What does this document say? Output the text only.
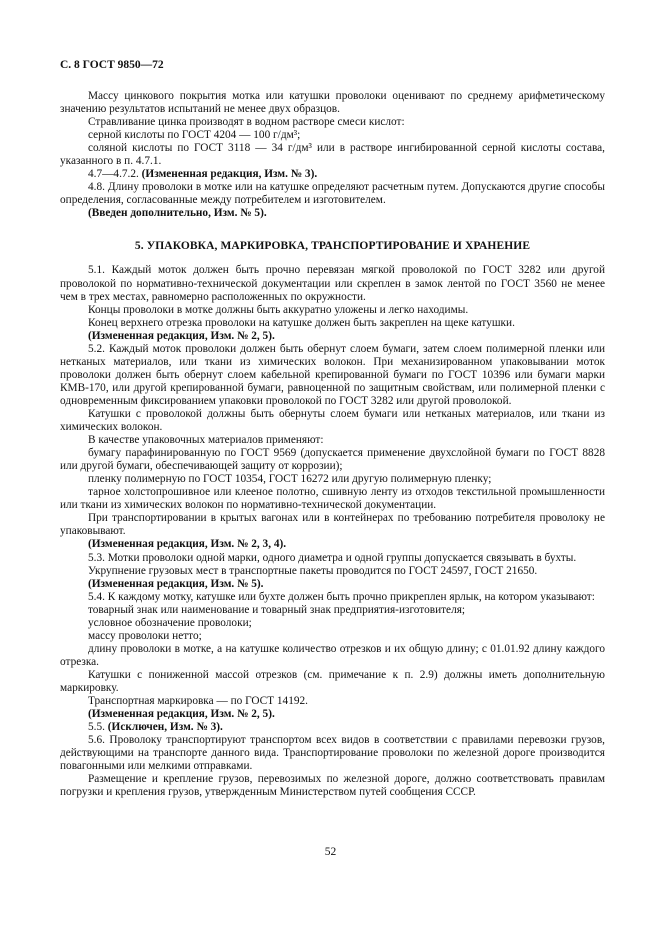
С. 8 ГОСТ 9850—72

Массу цинкового покрытия мотка или катушки проволоки оценивают по среднему арифметическому значению результатов испытаний не менее двух образцов.

Стравливание цинка производят в водном растворе смеси кислот:

серной кислоты по ГОСТ 4204 — 100 г/дм³;

соляной кислоты по ГОСТ 3118 — 34 г/дм³ или в растворе ингибированной серной кислоты состава, указанного в п. 4.7.1.

4.7—4.7.2. (Измененная редакция, Изм. № 3).

4.8. Длину проволоки в мотке или на катушке определяют расчетным путем. Допускаются другие способы определения, согласованные между потребителем и изготовителем.

(Введен дополнительно, Изм. № 5).

5. УПАКОВКА, МАРКИРОВКА, ТРАНСПОРТИРОВАНИЕ И ХРАНЕНИЕ

5.1. Каждый моток должен быть прочно перевязан мягкой проволокой по ГОСТ 3282 или другой проволокой по нормативно-технической документации или скреплен в замок лентой по ГОСТ 3560 не менее чем в трех местах, равномерно расположенных по окружности.

Концы проволоки в мотке должны быть аккуратно уложены и легко находимы.

Конец верхнего отрезка проволоки на катушке должен быть закреплен на щеке катушки.

(Измененная редакция, Изм. № 2, 5).

5.2. Каждый моток проволоки должен быть обернут слоем бумаги, затем слоем полимерной пленки или нетканых материалов, или ткани из химических волокон. При механизированном упаковывании моток проволоки должен быть обернут слоем кабельной крепированной бумаги по ГОСТ 10396 или бумаги марки КМВ-170, или другой крепированной бумаги, равноценной по защитным свойствам, или полимерной пленки с одновременным фиксированием упаковки проволокой по ГОСТ 3282 или другой проволокой.

Катушки с проволокой должны быть обернуты слоем бумаги или нетканых материалов, или ткани из химических волокон.

В качестве упаковочных материалов применяют:

бумагу парафинированную по ГОСТ 9569 (допускается применение двухслойной бумаги по ГОСТ 8828 или другой бумаги, обеспечивающей защиту от коррозии);

пленку полимерную по ГОСТ 10354, ГОСТ 16272 или другую полимерную пленку;

тарное холстопрошивное или клееное полотно, сшивную ленту из отходов текстильной промышленности или ткани из химических волокон по нормативно-технической документации.

При транспортировании в крытых вагонах или в контейнерах по требованию потребителя проволоку не упаковывают.

(Измененная редакция, Изм. № 2, 3, 4).

5.3. Мотки проволоки одной марки, одного диаметра и одной группы допускается связывать в бухты.

Укрупнение грузовых мест в транспортные пакеты проводится по ГОСТ 24597, ГОСТ 21650.

(Измененная редакция, Изм. № 5).

5.4. К каждому мотку, катушке или бухте должен быть прочно прикреплен ярлык, на котором указывают:

товарный знак или наименование и товарный знак предприятия-изготовителя;

условное обозначение проволоки;

массу проволоки нетто;

длину проволоки в мотке, а на катушке количество отрезков и их общую длину; с 01.01.92 длину каждого отрезка.

Катушки с пониженной массой отрезков (см. примечание к п. 2.9) должны иметь дополнительную маркировку.

Транспортная маркировка — по ГОСТ 14192.

(Измененная редакция, Изм. № 2, 5).

5.5. (Исключен, Изм. № 3).

5.6. Проволоку транспортируют транспортом всех видов в соответствии с правилами перевозки грузов, действующими на транспорте данного вида. Транспортирование проволоки по железной дороге производится повагонными или мелкими отправками.

Размещение и крепление грузов, перевозимых по железной дороге, должно соответствовать правилам погрузки и крепления грузов, утвержденным Министерством путей сообщения СССР.

52
